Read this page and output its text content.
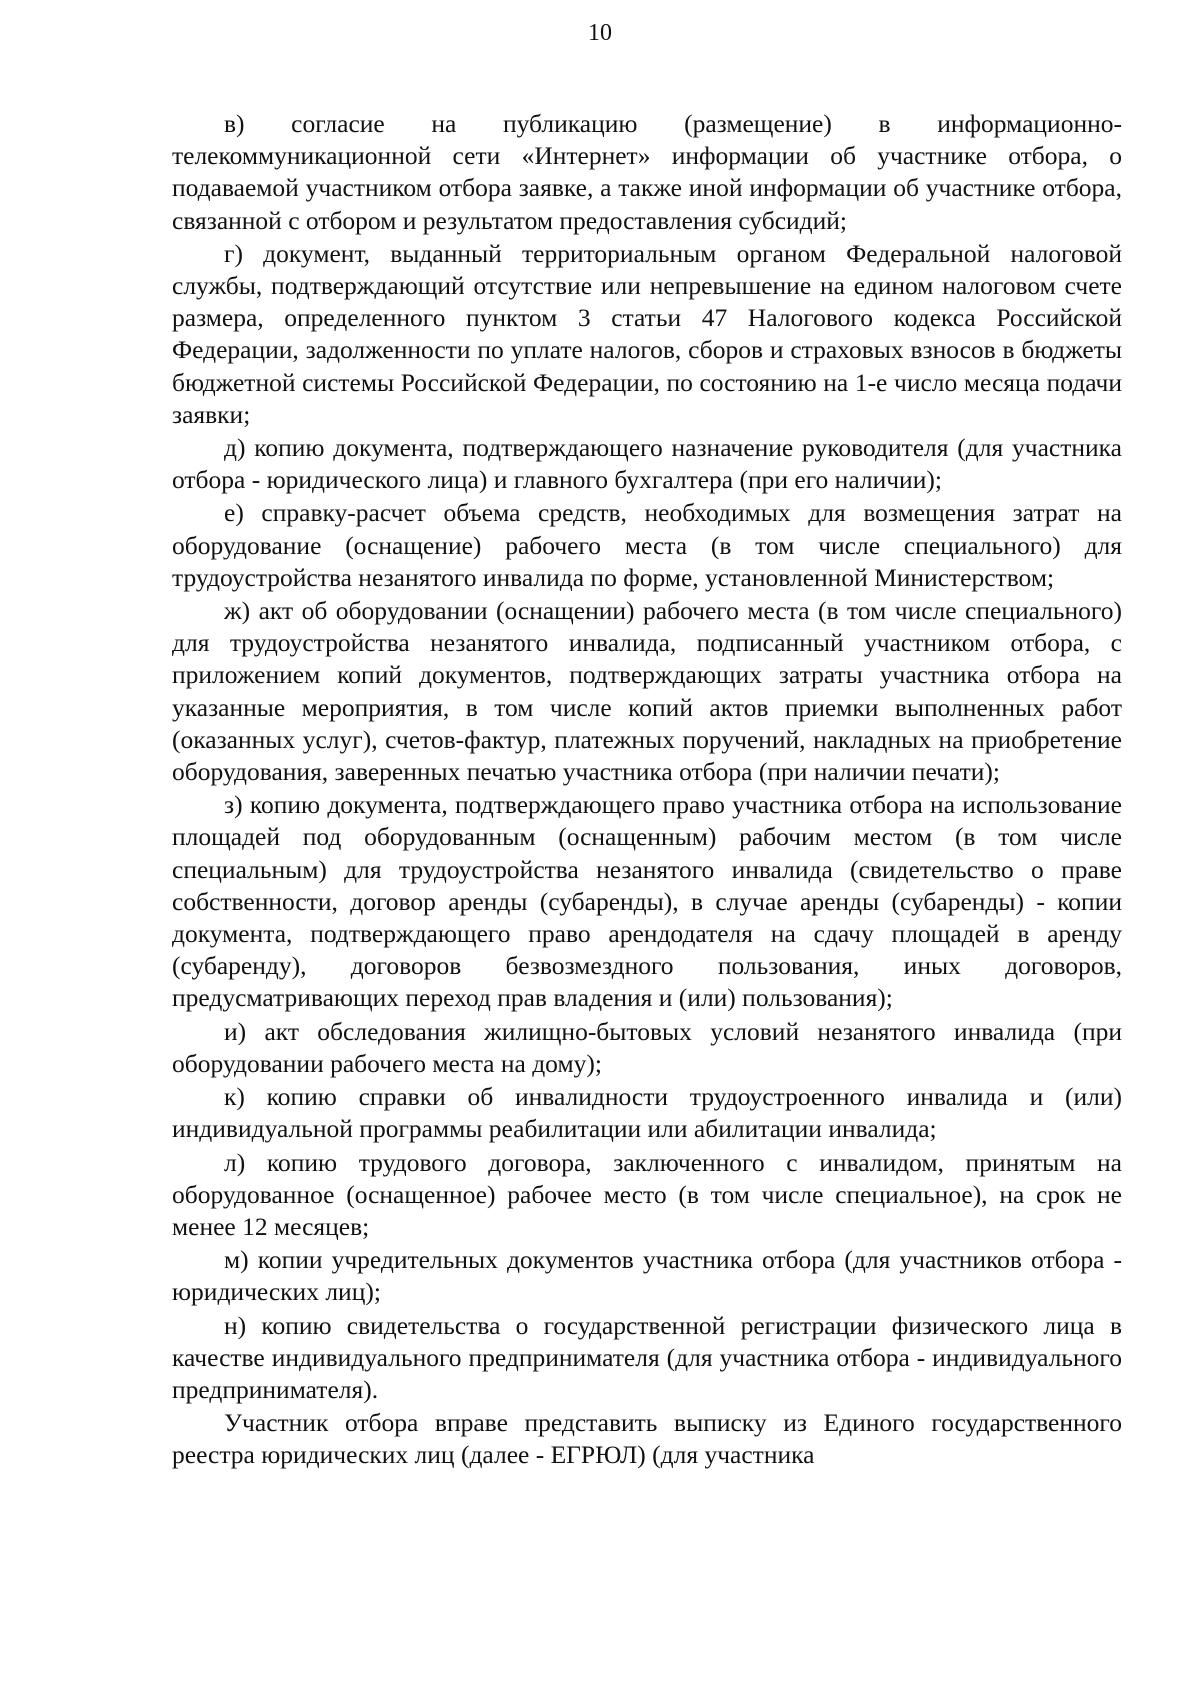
10

в) согласие на публикацию (размещение) в информационно-телекоммуникационной сети «Интернет» информации об участнике отбора, о подаваемой участником отбора заявке, а также иной информации об участнике отбора, связанной с отбором и результатом предоставления субсидий;

г) документ, выданный территориальным органом Федеральной налоговой службы, подтверждающий отсутствие или непревышение на едином налоговом счете размера, определенного пунктом 3 статьи 47 Налогового кодекса Российской Федерации, задолженности по уплате налогов, сборов и страховых взносов в бюджеты бюджетной системы Российской Федерации, по состоянию на 1-е число месяца подачи заявки;

д) копию документа, подтверждающего назначение руководителя (для участника отбора - юридического лица) и главного бухгалтера (при его наличии);

е) справку-расчет объема средств, необходимых для возмещения затрат на оборудование (оснащение) рабочего места (в том числе специального) для трудоустройства незанятого инвалида по форме, установленной Министерством;

ж) акт об оборудовании (оснащении) рабочего места (в том числе специального) для трудоустройства незанятого инвалида, подписанный участником отбора, с приложением копий документов, подтверждающих затраты участника отбора на указанные мероприятия, в том числе копий актов приемки выполненных работ (оказанных услуг), счетов-фактур, платежных поручений, накладных на приобретение оборудования, заверенных печатью участника отбора (при наличии печати);

з) копию документа, подтверждающего право участника отбора на использование площадей под оборудованным (оснащенным) рабочим местом (в том числе специальным) для трудоустройства незанятого инвалида (свидетельство о праве собственности, договор аренды (субаренды), в случае аренды (субаренды) - копии документа, подтверждающего право арендодателя на сдачу площадей в аренду (субаренду), договоров безвозмездного пользования, иных договоров, предусматривающих переход прав владения и (или) пользования);

и) акт обследования жилищно-бытовых условий незанятого инвалида (при оборудовании рабочего места на дому);

к) копию справки об инвалидности трудоустроенного инвалида и (или) индивидуальной программы реабилитации или абилитации инвалида;

л) копию трудового договора, заключенного с инвалидом, принятым на оборудованное (оснащенное) рабочее место (в том числе специальное), на срок не менее 12 месяцев;

м) копии учредительных документов участника отбора (для участников отбора - юридических лиц);

н) копию свидетельства о государственной регистрации физического лица в качестве индивидуального предпринимателя (для участника отбора - индивидуального предпринимателя).

Участник отбора вправе представить выписку из Единого государственного реестра юридических лиц (далее - ЕГРЮЛ) (для участника
